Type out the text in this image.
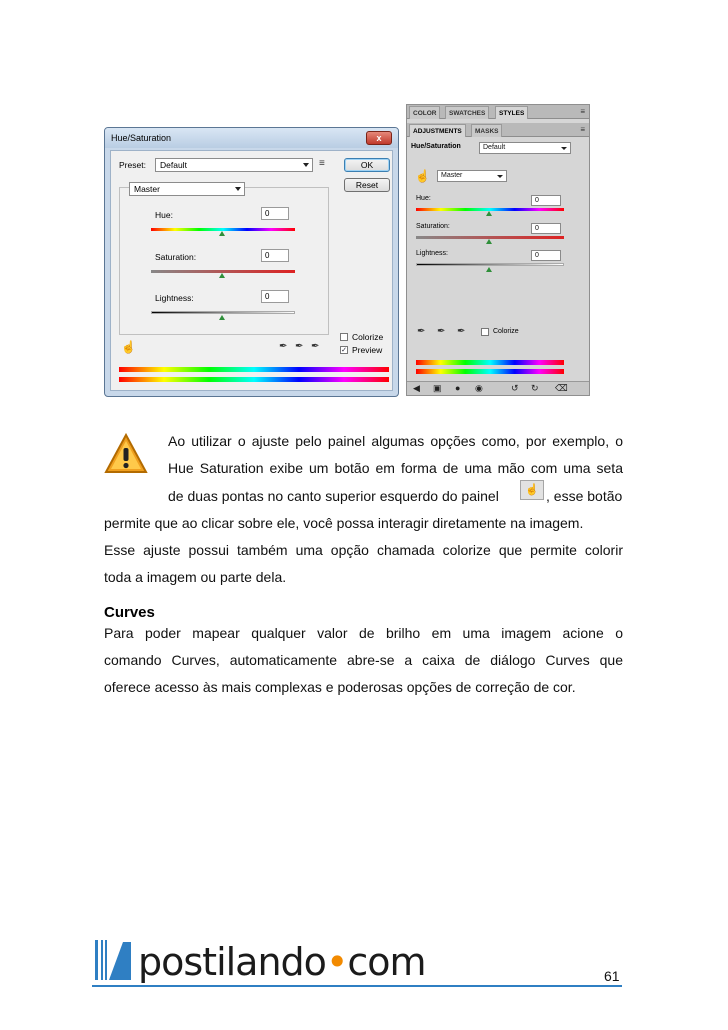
Hue/Saturation	x
Preset:	Default	≡	OK
Reset
Master
Hue:	0
Saturation:	0
Lightness:	0
☝	✒ ✒ ✒
Colorize
✓ Preview
COLOR	SWATCHES	STYLES	≡
ADJUSTMENTS	MASKS	≡
Hue/Saturation	Default
☝	Master
Hue:	0
Saturation:	0
Lightness:	0
✒ ✒ ✒	Colorize
◀ ▣ ● ◉	↺ ↻ ⌫
Ao utilizar o ajuste pelo painel algumas opções como, por exemplo, o
Hue Saturation exibe um botão em forma de uma mão com uma seta
de duas pontas no canto superior esquerdo do painel	☝ , esse botão
permite que ao clicar sobre ele, você possa interagir diretamente na imagem.
Esse ajuste possui também uma opção chamada colorize que permite colorir
toda a imagem ou parte dela.
Curves
Para poder mapear qualquer valor de brilho em uma imagem acione o
comando Curves, automaticamente abre-se a caixa de diálogo Curves que
oferece acesso às mais complexas e poderosas opções de correção de cor.
postilando•com	61
